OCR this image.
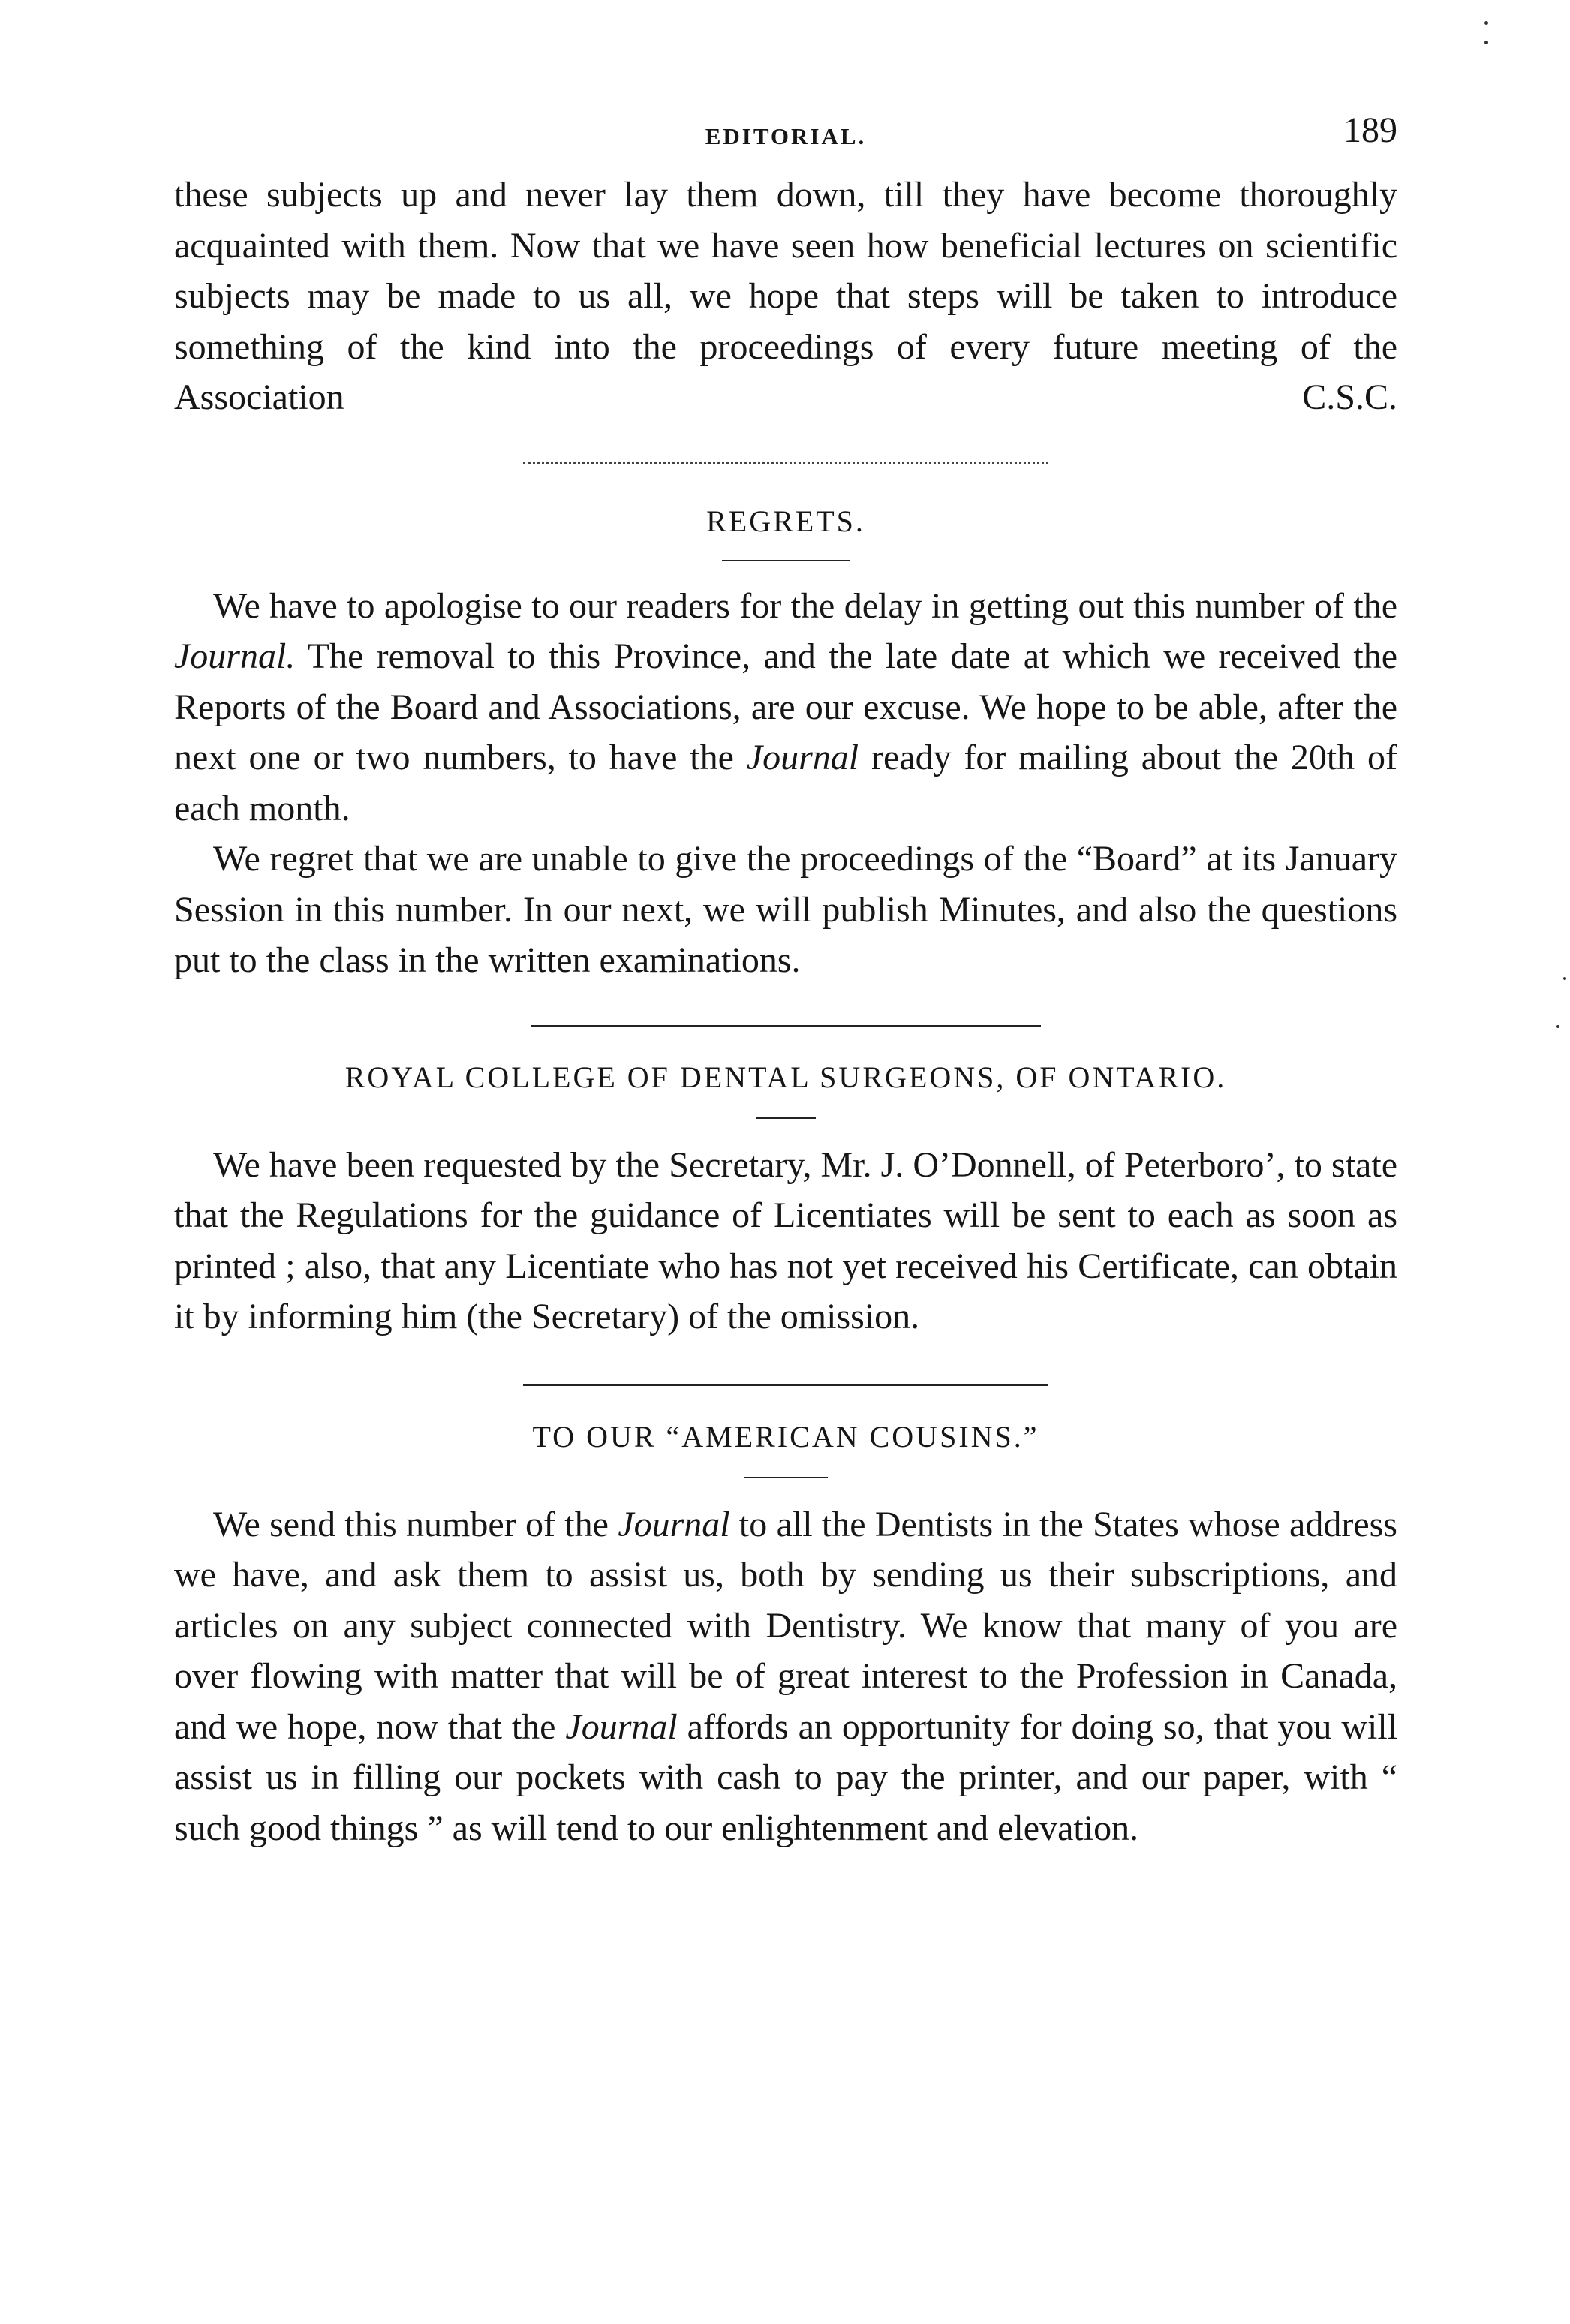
EDITORIAL.	189

these subjects up and never lay them down, till they have become thoroughly acquainted with them. Now that we have seen how beneficial lectures on scientific subjects may be made to us all, we hope that steps will be taken to introduce something of the kind into the proceedings of every future meeting of the Association	C.S.C.

REGRETS.

We have to apologise to our readers for the delay in getting out this number of the Journal. The removal to this Province, and the late date at which we received the Reports of the Board and Associations, are our excuse. We hope to be able, after the next one or two numbers, to have the Journal ready for mailing about the 20th of each month.

We regret that we are unable to give the proceedings of the “Board” at its January Session in this number. In our next, we will publish Minutes, and also the questions put to the class in the written examinations.

ROYAL COLLEGE OF DENTAL SURGEONS, OF ONTARIO.

We have been requested by the Secretary, Mr. J. O’Donnell, of Peterboro’, to state that the Regulations for the guidance of Licentiates will be sent to each as soon as printed ; also, that any Licentiate who has not yet received his Certificate, can obtain it by informing him (the Secretary) of the omission.

TO OUR “AMERICAN COUSINS.”

We send this number of the Journal to all the Dentists in the States whose address we have, and ask them to assist us, both by sending us their subscriptions, and articles on any subject connected with Dentistry. We know that many of you are over flowing with matter that will be of great interest to the Profession in Canada, and we hope, now that the Journal affords an opportunity for doing so, that you will assist us in filling our pockets with cash to pay the printer, and our paper, with “ such good things ” as will tend to our enlightenment and elevation.
